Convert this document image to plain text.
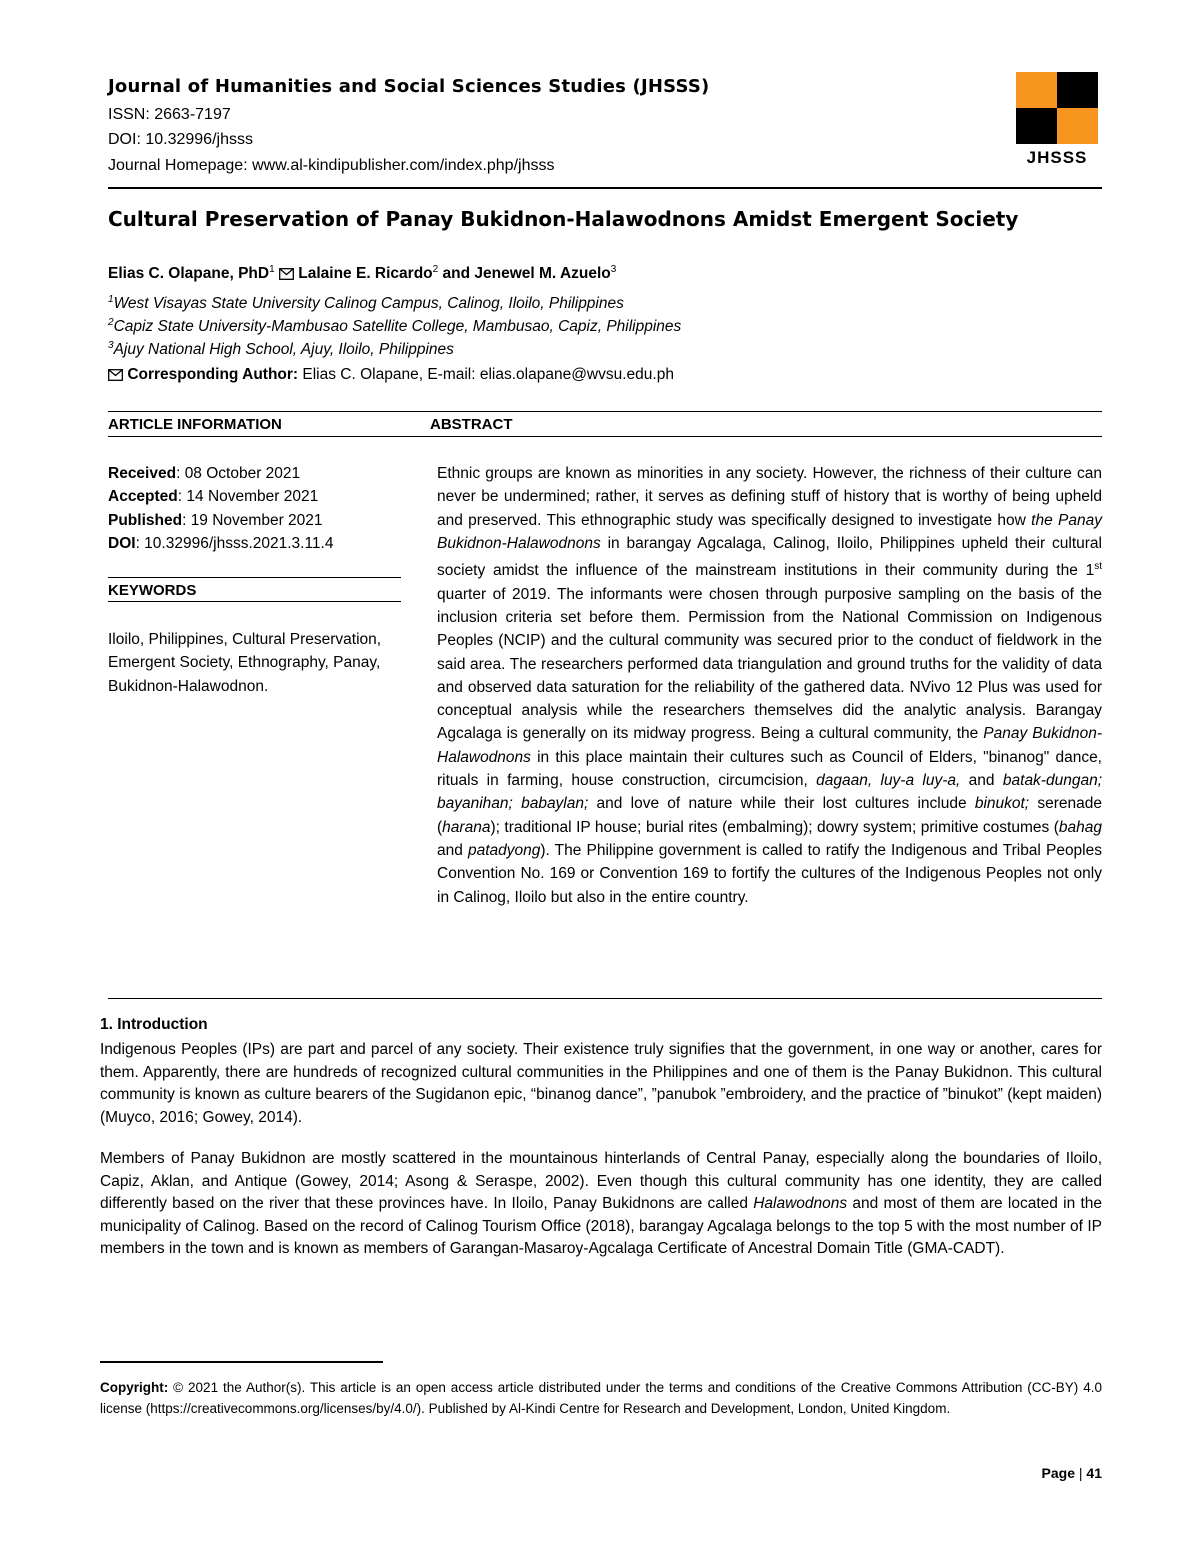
Journal of Humanities and Social Sciences Studies (JHSSS)
ISSN: 2663-7197
DOI: 10.32996/jhsss
Journal Homepage: www.al-kindipublisher.com/index.php/jhsss	JHSSS
Cultural Preservation of Panay Bukidnon-Halawodnons Amidst Emergent Society
Elias C. Olapane, PhD$^1$ Lalaine E. Ricardo$^2$ and Jenewel M. Azuelo$^3$
$^1$West Visayas State University Calinog Campus, Calinog, Iloilo, Philippines
$^2$Capiz State University-Mambusao Satellite College, Mambusao, Capiz, Philippines
$^3$Ajuy National High School, Ajuy, Iloilo, Philippines
Corresponding Author: Elias C. Olapane, E-mail: elias.olapane@wvsu.edu.ph
ARTICLE INFORMATION	ABSTRACT
Received: 08 October 2021
Accepted: 14 November 2021
Published: 19 November 2021
DOI: 10.32996/jhsss.2021.3.11.4
KEYWORDS
Iloilo, Philippines, Cultural Preservation, Emergent Society, Ethnography, Panay, Bukidnon-Halawodnon.
Ethnic groups are known as minorities in any society. However, the richness of their culture can never be undermined; rather, it serves as defining stuff of history that is worthy of being upheld and preserved. This ethnographic study was specifically designed to investigate how the Panay Bukidnon-Halawodnons in barangay Agcalaga, Calinog, Iloilo, Philippines upheld their cultural society amidst the influence of the mainstream institutions in their community during the 1st quarter of 2019. The informants were chosen through purposive sampling on the basis of the inclusion criteria set before them. Permission from the National Commission on Indigenous Peoples (NCIP) and the cultural community was secured prior to the conduct of fieldwork in the said area. The researchers performed data triangulation and ground truths for the validity of data and observed data saturation for the reliability of the gathered data. NVivo 12 Plus was used for conceptual analysis while the researchers themselves did the analytic analysis. Barangay Agcalaga is generally on its midway progress. Being a cultural community, the Panay Bukidnon-Halawodnons in this place maintain their cultures such as Council of Elders, "binanog" dance, rituals in farming, house construction, circumcision, dagaan, luy-a luy-a, and batak-dungan; bayanihan; babaylan; and love of nature while their lost cultures include binukot; serenade (harana); traditional IP house; burial rites (embalming); dowry system; primitive costumes (bahag and patadyong). The Philippine government is called to ratify the Indigenous and Tribal Peoples Convention No. 169 or Convention 169 to fortify the cultures of the Indigenous Peoples not only in Calinog, Iloilo but also in the entire country.
1. Introduction
Indigenous Peoples (IPs) are part and parcel of any society. Their existence truly signifies that the government, in one way or another, cares for them. Apparently, there are hundreds of recognized cultural communities in the Philippines and one of them is the Panay Bukidnon. This cultural community is known as culture bearers of the Sugidanon epic, “binanog dance”, ”panubok ”embroidery, and the practice of ”binukot” (kept maiden) (Muyco, 2016; Gowey, 2014).
Members of Panay Bukidnon are mostly scattered in the mountainous hinterlands of Central Panay, especially along the boundaries of Iloilo, Capiz, Aklan, and Antique (Gowey, 2014; Asong & Seraspe, 2002). Even though this cultural community has one identity, they are called differently based on the river that these provinces have. In Iloilo, Panay Bukidnons are called Halawodnons and most of them are located in the municipality of Calinog. Based on the record of Calinog Tourism Office (2018), barangay Agcalaga belongs to the top 5 with the most number of IP members in the town and is known as members of Garangan-Masaroy-Agcalaga Certificate of Ancestral Domain Title (GMA-CADT).
Copyright: © 2021 the Author(s). This article is an open access article distributed under the terms and conditions of the Creative Commons Attribution (CC-BY) 4.0 license (https://creativecommons.org/licenses/by/4.0/). Published by Al-Kindi Centre for Research and Development, London, United Kingdom.
Page | 41
